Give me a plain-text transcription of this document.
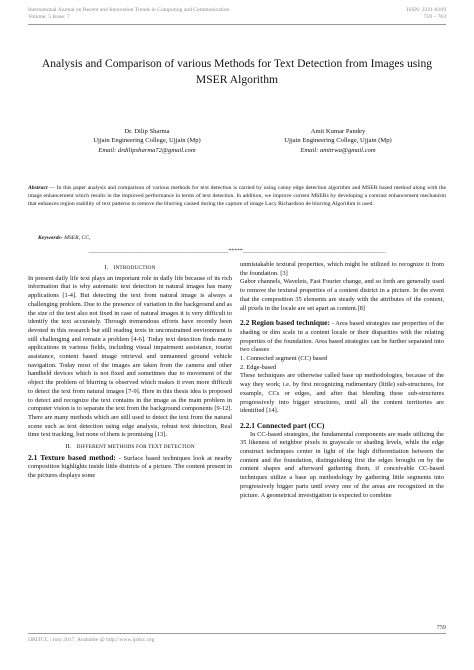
International Journal on Recent and Innovation Trends in Computing and Communication
Volume: 5 Issue: 7
ISSN: 2321-8169
759 – 763
Analysis and Comparison of various Methods for Text Detection from Images using MSER Algorithm
Dr. Dilip Sharma
Ujjain Engineering College, Ujjain (Mp)
Email: drdilipsharma72@gmail.com
Amit Kumar Pandey
Ujjain Engineering College, Ujjain (Mp)
Email: amitrwa@gmail.com
Abstract — In this paper analysis and comparison of various methods for text detection is carried by using canny edge detection algorithm and MSER based method along with the image enhancement which results in the improved performance in terms of text detection. In addition, we improve current MSERs by developing a contrast enhancement mechanism that enhances region stability of text patterns to remove the blurring caused during the capture of image Lucy Richardson de blurring Algorithm is used.
Keywords- MSER, CC,
__________________________________________________*****___________________________________________________
I. INTRODUCTION

In present daily life text plays an important role in daily life because of its rich information that is why automatic text detection in natural images has many applications [1-4]. But detecting the text from natural image is always a challenging problem. Due to the presence of variation in the background and as the size of the text also not fixed in case of natural images it is very difficult to identify the text accurately. Through tremendous efforts have recently been devoted in this research but still reading texts in unconstrained environment is still challenging and remain a problem [4-6]. Today text detection finds many applications in various fields, including visual impairment assistance, tourist assistance, content based image retrieval and unmanned ground vehicle navigation. Today most of the images are taken from the camera and other handheld devices which is not fixed and sometimes due to movement of the object the problem of blurring is observed which makes it even more difficult to detect the text from natural images [7-9]. Here in this thesis idea is proposed to detect and recognize the text contains in the image as the main problem in computer vision is to separate the text from the background components [9-12]. There are many methods which are still used to detect the text from the natural scene such as text detection using edge analysis, robust text detection, Real time text tracking, but none of them is promising [13].

II. DIFFERENT METHODS FOR TEXT DETECTION

2.1 Texture based method: - Surface based techniques look at nearby composition highlights inside little districts of a picture. The content present in the pictures displays some

unmistakable textural properties, which might be utilized to recognize it from the foundation. [3]

Gabor channels, Wavelets, Fast Fourier change, and so forth are generally used to remove the textural properties of a content district in a picture. In the event that the composition 35 elements are steady with the attributes of the content, all pixels in the locale are set apart as content.[8]

2.2 Region based technique: - Area based strategies use properties of the shading or dim scale in a content locale or their disparities with the relating properties of the foundation. Area based strategies can be further separated into two classes

1. Connected segment (CC) based

2. Edge-based

These techniques are otherwise called base up methodologies, because of the way they work; i.e. by first recognizing rudimentary (little) sub-structures, for example, CCs or edges, and after that blending these sub-structures progressively into bigger structures, until all the content territories are identified [14].

2.2.1 Connected part (CC)

In CC-based strategies, the fundamental components are made utilizing the 35 likeness of neighbor pixels in grayscale or shading levels, while the edge construct techniques center in light of the high differentiation between the content and the foundation, distinguishing first the edges brought on by the content shapes and afterward gathering them, if conceivable CC-based techniques utilize a base up methodology by gathering little segments into progressively bigger parts until every one of the areas are recognized in the picture. A geometrical investigation is expected to combine

759
IJRITCC | July 2017, Available @ http://www.ijritcc.org
